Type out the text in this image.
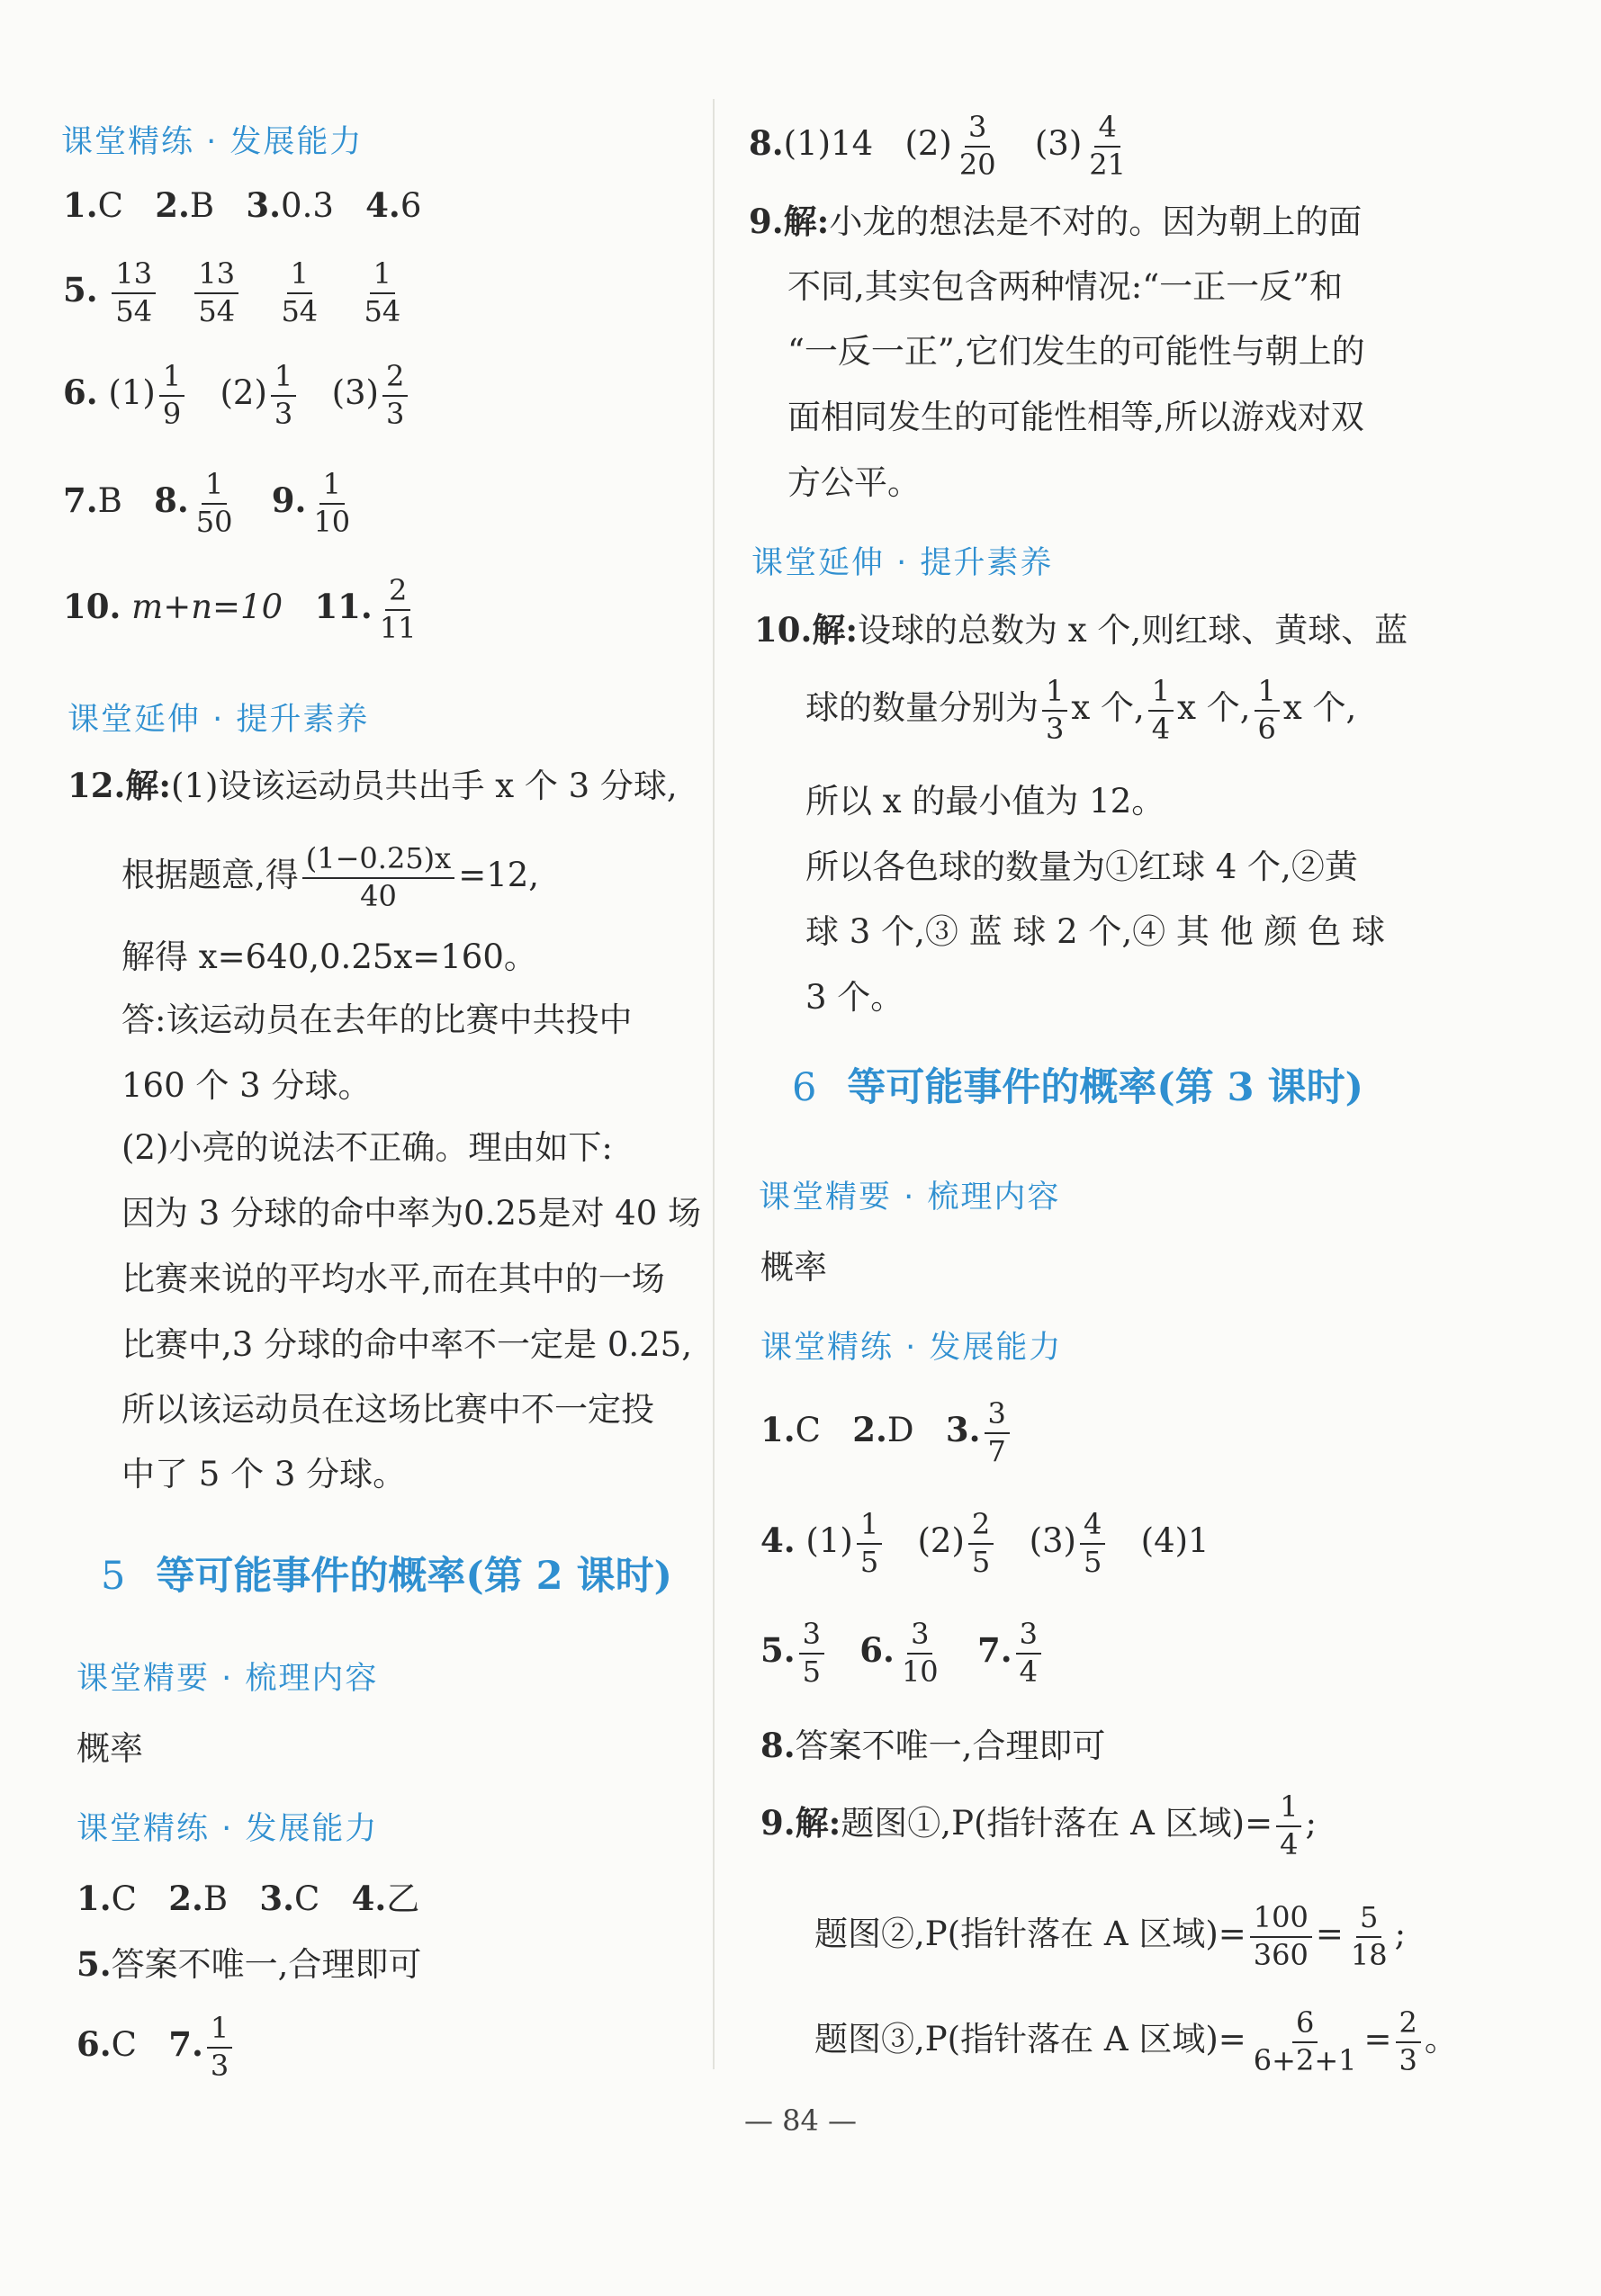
课堂精练 · 发展能力
1.C 2.B 3.0.3 4.6
5. $\frac{13}{54}$
$\frac{13}{54}$
$\frac{1}{54}$
$\frac{1}{54}$
6. $(1) \frac{1}{9} (2) \frac{1}{3} (3) \frac{2}{3}$
7.B 8. $\frac{1}{50} 9$. $\frac{1}{10}$
10. m+n=10 11. $\frac{2}{11}$
课堂延伸 · 提升素养
12.解:(1)设该运动员共出手 x 个 3 分球,
根据题意,得 $\frac{(1-0.25)x}{40} =12$,
解得 x=640,0.25x=160。
答:该运动员在去年的比赛中共投中
160 个 3 分球。
(2)小亮的说法不正确。理由如下:
因为 3 分球的命中率为0.25是对 40 场
比赛来说的平均水平,而在其中的一场
比赛中,3 分球的命中率不一定是 0.25,
所以该运动员在这场比赛中不一定投
中了 5 个 3 分球。
5 等可能事件的概率(第 2 课时)
课堂精要 · 梳理内容
概率
课堂精练 · 发展能力
1.C 2.B 3.C 4.乙
5.答案不唯一,合理即可
6.C 7. $\frac{1}{3}$
8.(1)14 $(2) \frac{3}{20} (3) \frac{4}{21}$
9.解:小龙的想法是不对的。因为朝上的面
不同,其实包含两种情况:“一正一反”和
“一反一正”,它们发生的可能性与朝上的
面相同发生的可能性相等,所以游戏对双
方公平。
课堂延伸 · 提升素养
10.解:设球的总数为 x 个,则红球、黄球、蓝
球的数量分别为 $\frac{1}{3}$ x 个, $\frac{1}{4}$ x 个, $\frac{1}{6}$ x 个,
所以 x 的最小值为 12。
所以各色球的数量为①红球 4 个,②黄
球 3 个,③ 蓝 球 2 个,④ 其 他 颜 色 球
3 个。
6 等可能事件的概率(第 3 课时)
课堂精要 · 梳理内容
概率
课堂精练 · 发展能力
1.C 2.D 3. $\frac{3}{7}$
4. $(1) \frac{1}{5} (2) \frac{2}{5} (3) \frac{4}{5} (4)1$
5. $\frac{3}{5} 6$. $\frac{3}{10} 7$. $\frac{3}{4}$
8.答案不唯一,合理即可
9.解:题图①,P(指针落在 A 区域)= $\frac{1}{4}$ ;
题图②,P(指针落在 A 区域)= $\frac{100}{360} = \frac{5}{18}$ ;
题图③,P(指针落在 A 区域)= $\frac{6}{6+2+1} = \frac{2}{3}$ 。
— 84 —
